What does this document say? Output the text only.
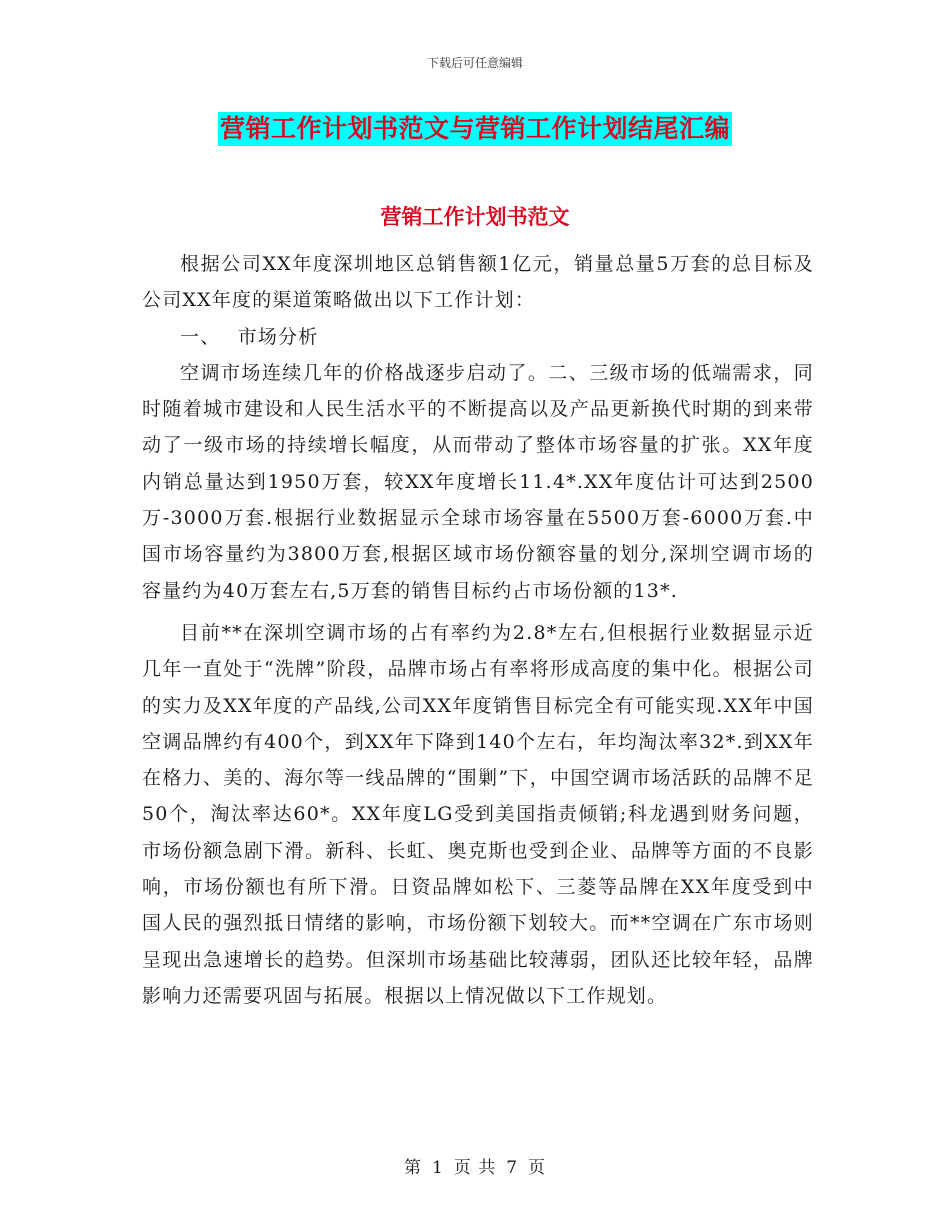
下载后可任意编辑
营销工作计划书范文与营销工作计划结尾汇编
营销工作计划书范文

根据公司XX年度深圳地区总销售额1亿元，销量总量5万套的总目标及公司XX年度的渠道策略做出以下工作计划：

一、 市场分析

空调市场连续几年的价格战逐步启动了。二、三级市场的低端需求，同时随着城市建设和人民生活水平的不断提高以及产品更新换代时期的到来带动了一级市场的持续增长幅度，从而带动了整体市场容量的扩张。XX年度内销总量达到1950万套，较XX年度增长11.4*.XX年度估计可达到2500万-3000万套.根据行业数据显示全球市场容量在5500万套-6000万套.中国市场容量约为3800万套,根据区域市场份额容量的划分,深圳空调市场的容量约为40万套左右,5万套的销售目标约占市场份额的13*.

目前**在深圳空调市场的占有率约为2.8*左右,但根据行业数据显示近几年一直处于“洗牌”阶段，品牌市场占有率将形成高度的集中化。根据公司的实力及XX年度的产品线,公司XX年度销售目标完全有可能实现.XX年中国空调品牌约有400个，到XX年下降到140个左右，年均淘汰率32*.到XX年在格力、美的、海尔等一线品牌的“围剿”下，中国空调市场活跃的品牌不足50个，淘汰率达60*。XX年度LG受到美国指责倾销;科龙遇到财务问题，市场份额急剧下滑。新科、长虹、奥克斯也受到企业、品牌等方面的不良影响，市场份额也有所下滑。日资品牌如松下、三菱等品牌在XX年度受到中国人民的强烈抵日情绪的影响，市场份额下划较大。而**空调在广东市场则呈现出急速增长的趋势。但深圳市场基础比较薄弱，团队还比较年轻，品牌影响力还需要巩固与拓展。根据以上情况做以下工作规划。

第 1 页 共 7 页
